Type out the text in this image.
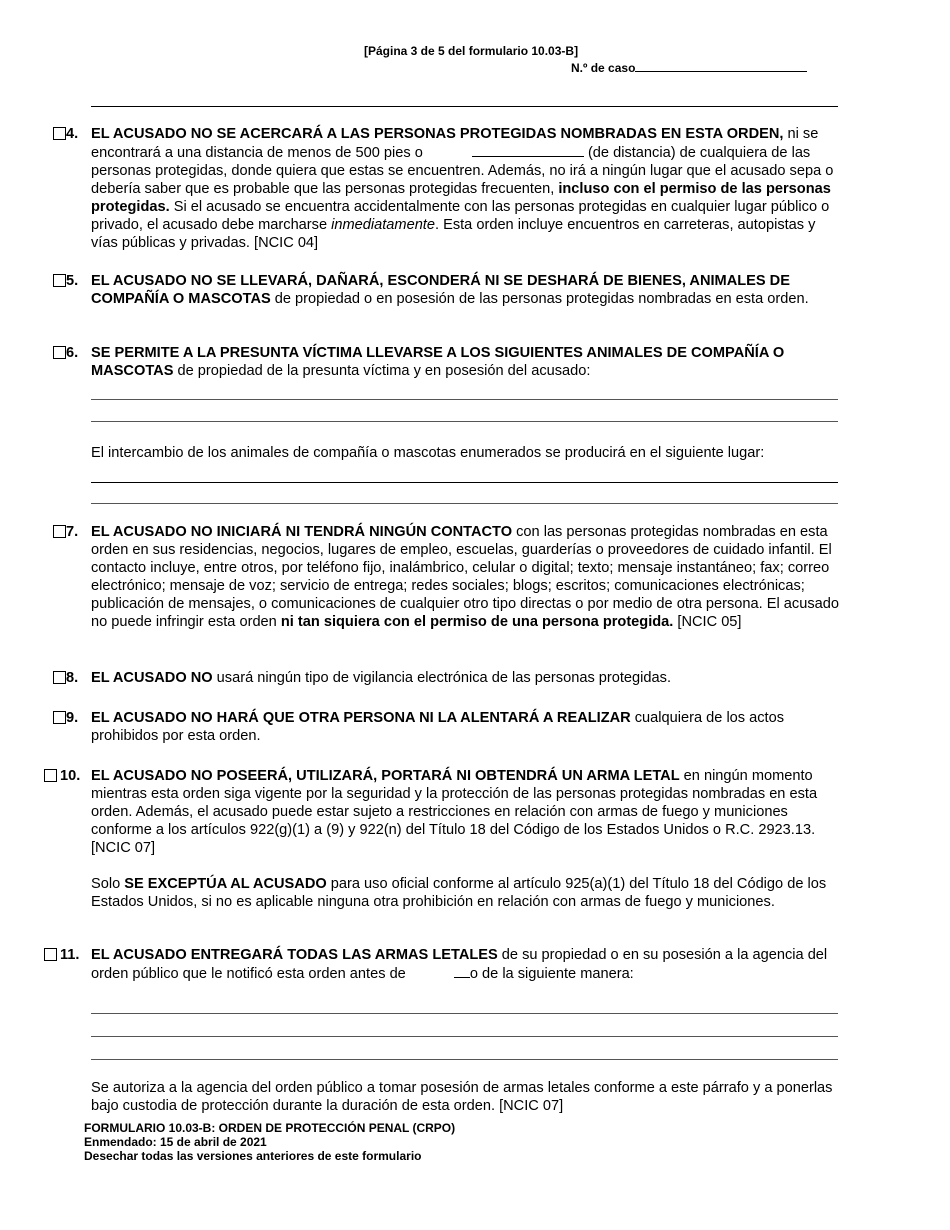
[Página 3 de 5 del formulario 10.03-B]
N.º de caso
4. EL ACUSADO NO SE ACERCARÁ A LAS PERSONAS PROTEGIDAS NOMBRADAS EN ESTA ORDEN, ni se encontrará a una distancia de menos de 500 pies o	(de distancia) de cualquiera de las personas protegidas, donde quiera que estas se encuentren. Además, no irá a ningún lugar que el acusado sepa o debería saber que es probable que las personas protegidas frecuenten, incluso con el permiso de las personas protegidas. Si el acusado se encuentra accidentalmente con las personas protegidas en cualquier lugar público o privado, el acusado debe marcharse inmediatamente. Esta orden incluye encuentros en carreteras, autopistas y vías públicas y privadas. [NCIC 04]
5. EL ACUSADO NO SE LLEVARÁ, DAÑARÁ, ESCONDERÁ NI SE DESHARÁ DE BIENES, ANIMALES DE COMPAÑÍA O MASCOTAS de propiedad o en posesión de las personas protegidas nombradas en esta orden.
6. SE PERMITE A LA PRESUNTA VÍCTIMA LLEVARSE A LOS SIGUIENTES ANIMALES DE COMPAÑÍA O MASCOTAS de propiedad de la presunta víctima y en posesión del acusado:
El intercambio de los animales de compañía o mascotas enumerados se producirá en el siguiente lugar:
7. EL ACUSADO NO INICIARÁ NI TENDRÁ NINGÚN CONTACTO con las personas protegidas nombradas en esta orden en sus residencias, negocios, lugares de empleo, escuelas, guarderías o proveedores de cuidado infantil. El contacto incluye, entre otros, por teléfono fijo, inalámbrico, celular o digital; texto; mensaje instantáneo; fax; correo electrónico; mensaje de voz; servicio de entrega; redes sociales; blogs; escritos; comunicaciones electrónicas; publicación de mensajes, o comunicaciones de cualquier otro tipo directas o por medio de otra persona. El acusado no puede infringir esta orden ni tan siquiera con el permiso de una persona protegida. [NCIC 05]
8. EL ACUSADO NO usará ningún tipo de vigilancia electrónica de las personas protegidas.
9. EL ACUSADO NO HARÁ QUE OTRA PERSONA NI LA ALENTARÁ A REALIZAR cualquiera de los actos prohibidos por esta orden.
10. EL ACUSADO NO POSEERÁ, UTILIZARÁ, PORTARÁ NI OBTENDRÁ UN ARMA LETAL en ningún momento mientras esta orden siga vigente por la seguridad y la protección de las personas protegidas nombradas en esta orden. Además, el acusado puede estar sujeto a restricciones en relación con armas de fuego y municiones conforme a los artículos 922(g)(1) a (9) y 922(n) del Título 18 del Código de los Estados Unidos o R.C. 2923.13. [NCIC 07]
Solo SE EXCEPTÚA AL ACUSADO para uso oficial conforme al artículo 925(a)(1) del Título 18 del Código de los Estados Unidos, si no es aplicable ninguna otra prohibición en relación con armas de fuego y municiones.
11. EL ACUSADO ENTREGARÁ TODAS LAS ARMAS LETALES de su propiedad o en su posesión a la agencia del orden público que le notificó esta orden antes de	o de la siguiente manera:
Se autoriza a la agencia del orden público a tomar posesión de armas letales conforme a este párrafo y a ponerlas bajo custodia de protección durante la duración de esta orden. [NCIC 07]
FORMULARIO 10.03-B: ORDEN DE PROTECCIÓN PENAL (CRPO)
Enmendado: 15 de abril de 2021
Desechar todas las versiones anteriores de este formulario
